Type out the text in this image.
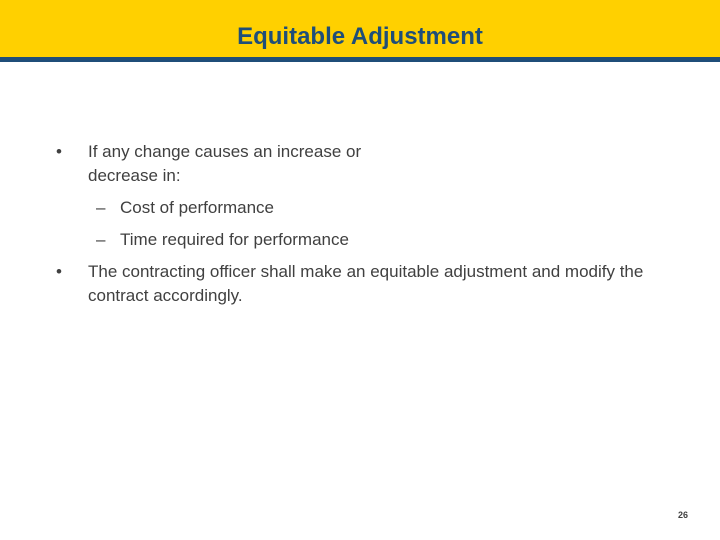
Equitable Adjustment
•	If any change causes an increase or decrease in:
– Cost of performance
– Time required for performance
•	The contracting officer shall make an equitable adjustment and modify the contract accordingly.
26
